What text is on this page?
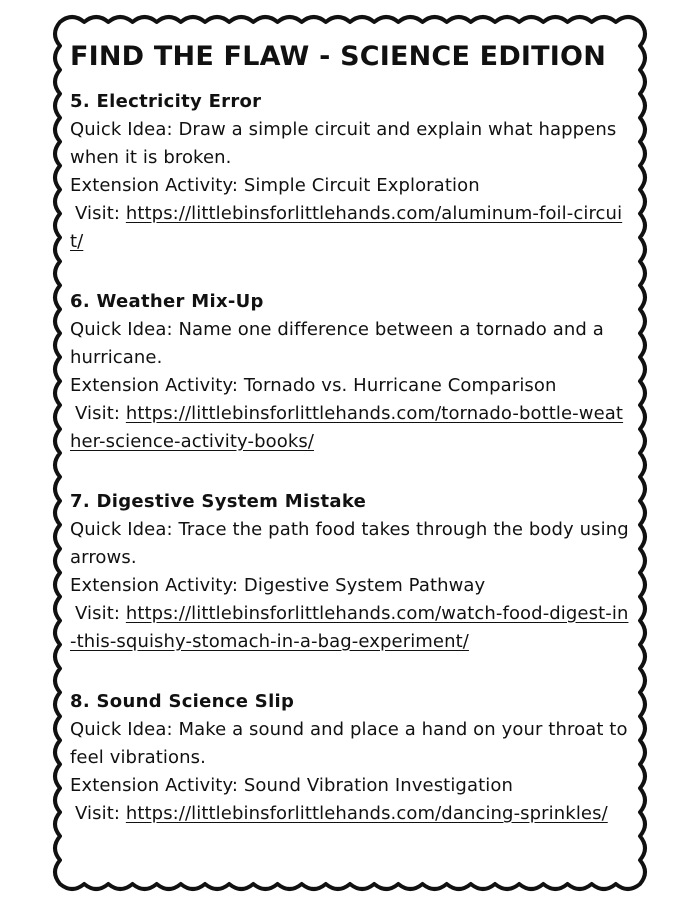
FIND THE FLAW - SCIENCE EDITION

5. Electricity Error

Quick Idea: Draw a simple circuit and explain what happens when it is broken.

Extension Activity: Simple Circuit Exploration

Visit: https://littlebinsforlittlehands.com/aluminum-foil-circuit/

6. Weather Mix-Up

Quick Idea: Name one difference between a tornado and a hurricane.

Extension Activity: Tornado vs. Hurricane Comparison

Visit: https://littlebinsforlittlehands.com/tornado-bottle-weather-science-activity-books/

7. Digestive System Mistake

Quick Idea: Trace the path food takes through the body using arrows.

Extension Activity: Digestive System Pathway

Visit: https://littlebinsforlittlehands.com/watch-food-digest-in-this-squishy-stomach-in-a-bag-experiment/

8. Sound Science Slip

Quick Idea: Make a sound and place a hand on your throat to feel vibrations.

Extension Activity: Sound Vibration Investigation

Visit: https://littlebinsforlittlehands.com/dancing-sprinkles/
